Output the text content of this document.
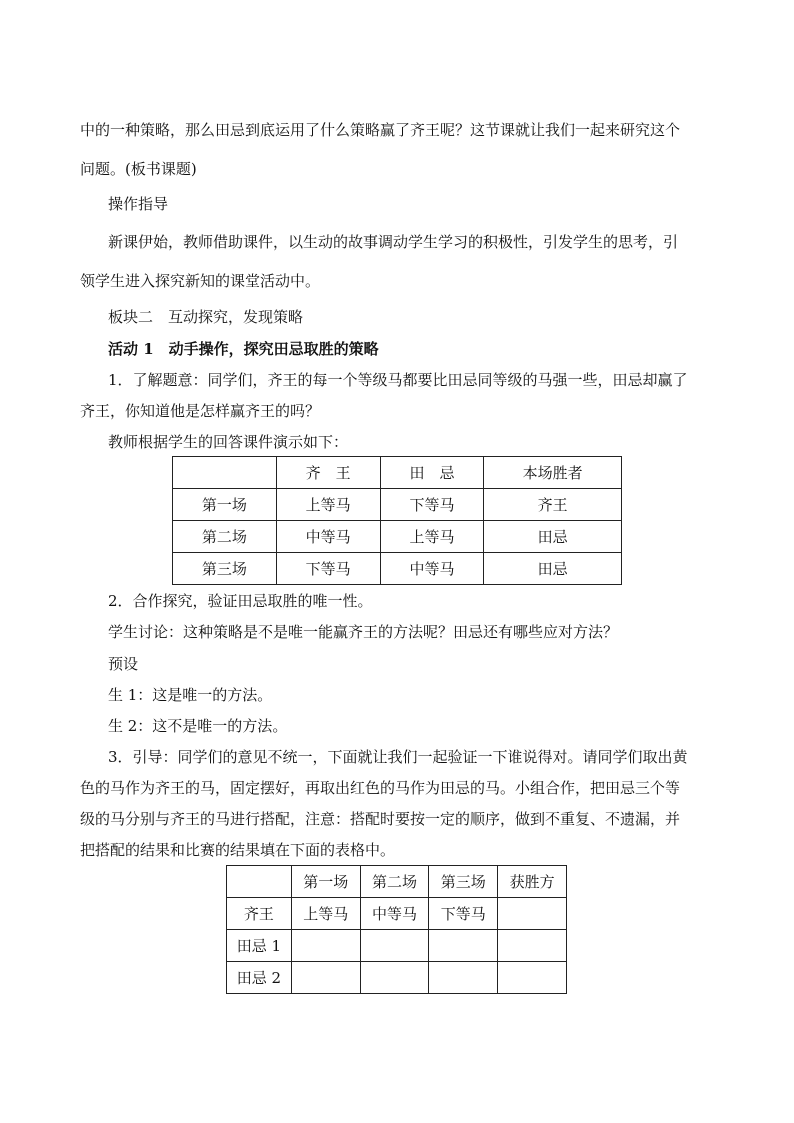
中的一种策略，那么田忌到底运用了什么策略赢了齐王呢？这节课就让我们一起来研究这个
问题。(板书课题)
操作指导
新课伊始，教师借助课件，以生动的故事调动学生学习的积极性，引发学生的思考，引
领学生进入探究新知的课堂活动中。
板块二　互动探究，发现策略
活动 1　动手操作，探究田忌取胜的策略
1．了解题意：同学们，齐王的每一个等级马都要比田忌同等级的马强一些，田忌却赢了
齐王，你知道他是怎样赢齐王的吗？
教师根据学生的回答课件演示如下：
	齐　王	田　忌	本场胜者
第一场	上等马	下等马	齐王
第二场	中等马	上等马	田忌
第三场	下等马	中等马	田忌
2．合作探究，验证田忌取胜的唯一性。
学生讨论：这种策略是不是唯一能赢齐王的方法呢？田忌还有哪些应对方法？
预设
生 1：这是唯一的方法。
生 2：这不是唯一的方法。
3．引导：同学们的意见不统一，下面就让我们一起验证一下谁说得对。请同学们取出黄
色的马作为齐王的马，固定摆好，再取出红色的马作为田忌的马。小组合作，把田忌三个等
级的马分别与齐王的马进行搭配，注意：搭配时要按一定的顺序，做到不重复、不遗漏，并
把搭配的结果和比赛的结果填在下面的表格中。
	第一场	第二场	第三场	获胜方
齐王	上等马	中等马	下等马	
田忌 1				
田忌 2				
